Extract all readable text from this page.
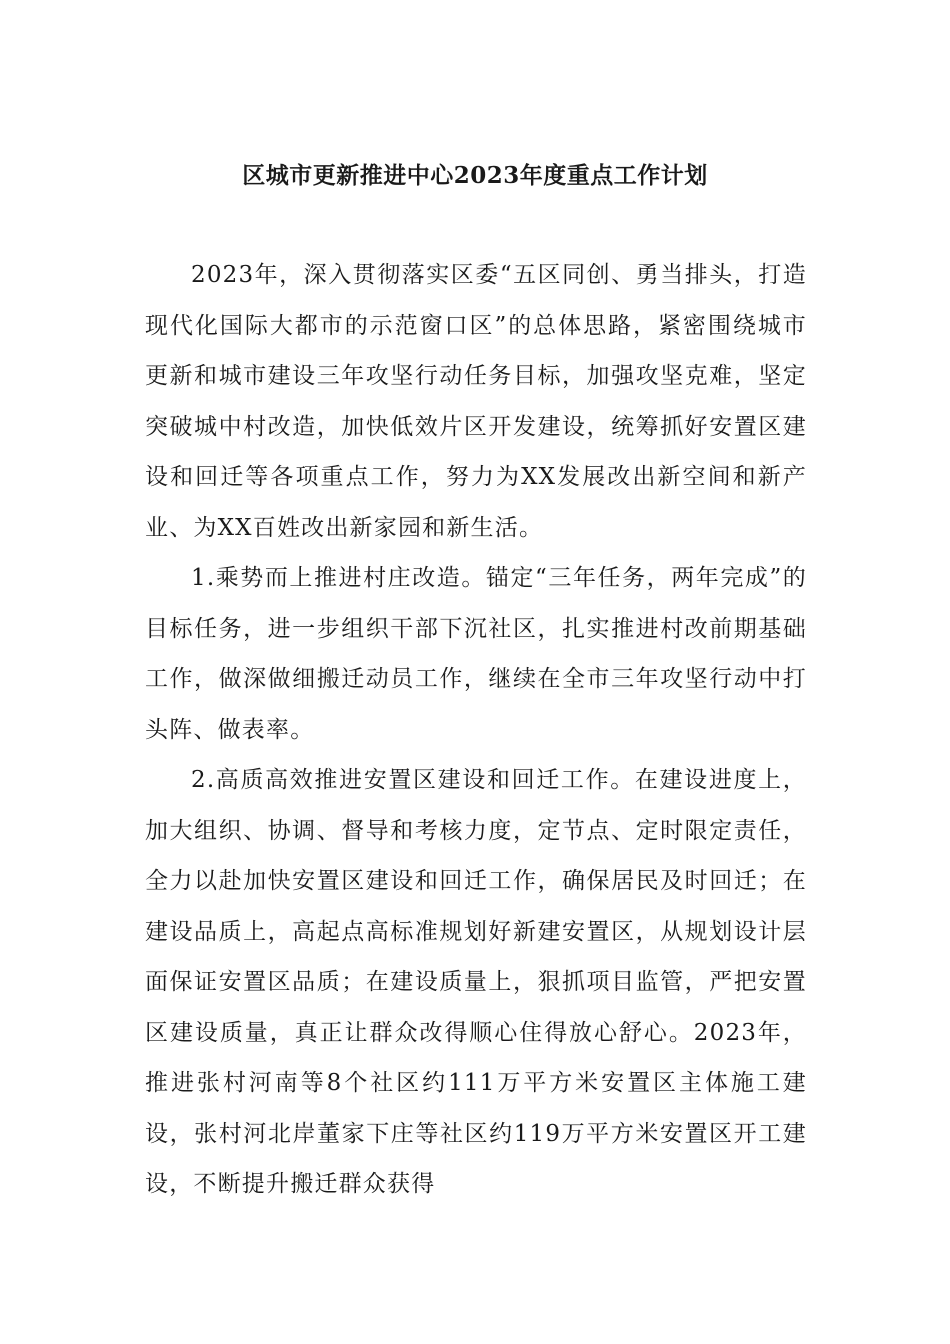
区城市更新推进中心2023年度重点工作计划

2023年，深入贯彻落实区委“五区同创、勇当排头，打造现代化国际大都市的示范窗口区”的总体思路，紧密围绕城市更新和城市建设三年攻坚行动任务目标，加强攻坚克难，坚定突破城中村改造，加快低效片区开发建设，统筹抓好安置区建设和回迁等各项重点工作，努力为XX发展改出新空间和新产业、为XX百姓改出新家园和新生活。

1.乘势而上推进村庄改造。锚定“三年任务，两年完成”的目标任务，进一步组织干部下沉社区，扎实推进村改前期基础工作，做深做细搬迁动员工作，继续在全市三年攻坚行动中打头阵、做表率。

2.高质高效推进安置区建设和回迁工作。在建设进度上，加大组织、协调、督导和考核力度，定节点、定时限定责任，全力以赴加快安置区建设和回迁工作，确保居民及时回迁；在建设品质上，高起点高标准规划好新建安置区，从规划设计层面保证安置区品质；在建设质量上，狠抓项目监管，严把安置区建设质量，真正让群众改得顺心住得放心舒心。2023年，推进张村河南等8个社区约111万平方米安置区主体施工建设，张村河北岸董家下庄等社区约119万平方米安置区开工建设，不断提升搬迁群众获得
